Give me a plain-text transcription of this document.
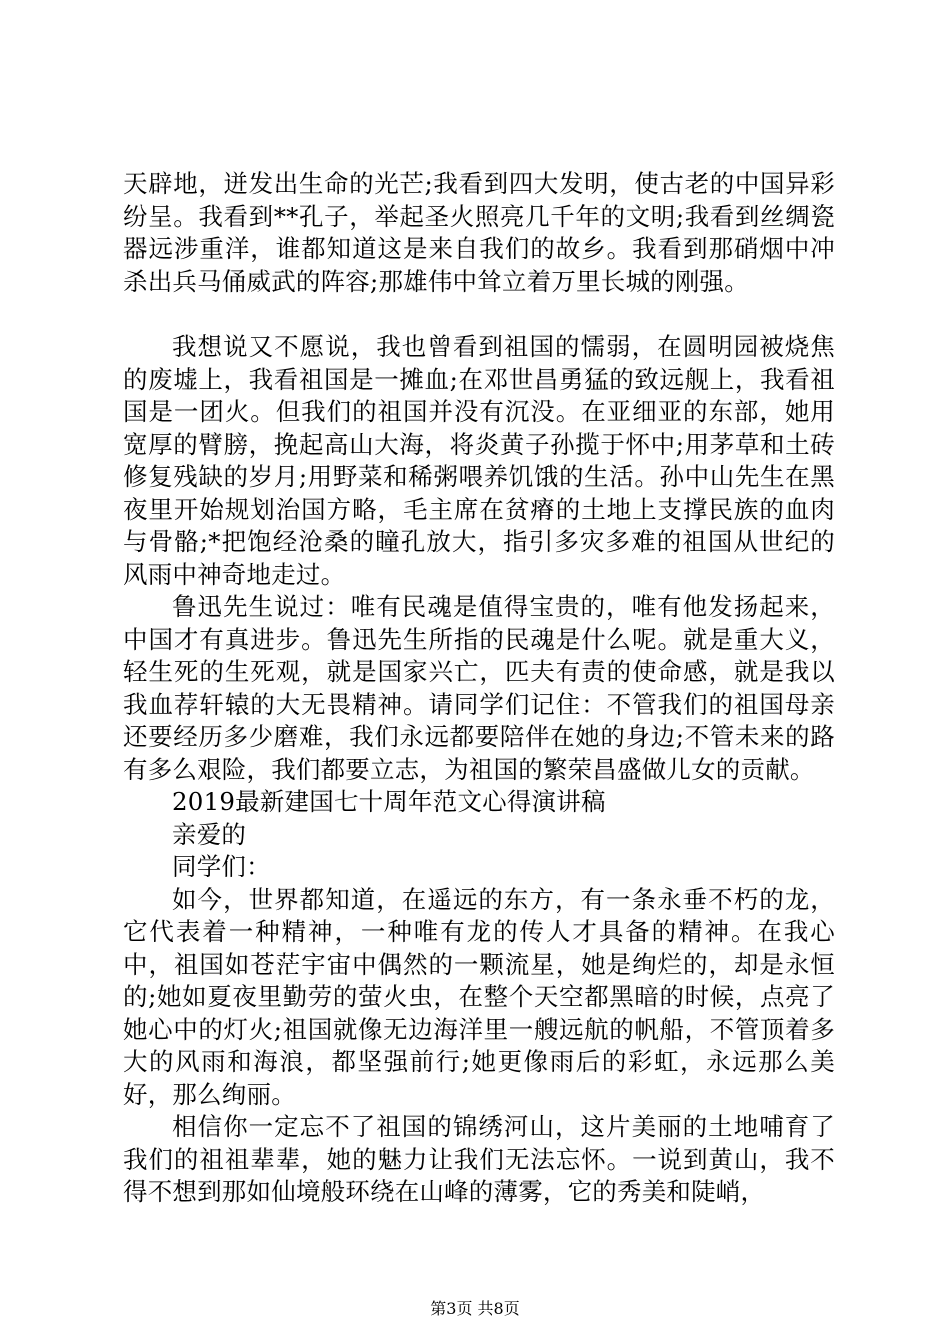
天辟地，迸发出生命的光芒;我看到四大发明，使古老的中国异彩纷呈。我看到**孔子，举起圣火照亮几千年的文明;我看到丝绸瓷器远涉重洋，谁都知道这是来自我们的故乡。我看到那硝烟中冲杀出兵马俑威武的阵容;那雄伟中耸立着万里长城的刚强。

我想说又不愿说，我也曾看到祖国的懦弱，在圆明园被烧焦的废墟上，我看祖国是一摊血;在邓世昌勇猛的致远舰上，我看祖国是一团火。但我们的祖国并没有沉没。在亚细亚的东部，她用宽厚的臂膀，挽起高山大海，将炎黄子孙揽于怀中;用茅草和土砖修复残缺的岁月;用野菜和稀粥喂养饥饿的生活。孙中山先生在黑夜里开始规划治国方略，毛主席在贫瘠的土地上支撑民族的血肉与骨骼;*把饱经沧桑的瞳孔放大，指引多灾多难的祖国从世纪的风雨中神奇地走过。

鲁迅先生说过：唯有民魂是值得宝贵的，唯有他发扬起来，中国才有真进步。鲁迅先生所指的民魂是什么呢。就是重大义，轻生死的生死观，就是国家兴亡，匹夫有责的使命感，就是我以我血荐轩辕的大无畏精神。请同学们记住：不管我们的祖国母亲还要经历多少磨难，我们永远都要陪伴在她的身边;不管未来的路有多么艰险，我们都要立志，为祖国的繁荣昌盛做儿女的贡献。

2019最新建国七十周年范文心得演讲稿

亲爱的

同学们：

如今，世界都知道，在遥远的东方，有一条永垂不朽的龙，它代表着一种精神，一种唯有龙的传人才具备的精神。在我心中，祖国如苍茫宇宙中偶然的一颗流星，她是绚烂的，却是永恒的;她如夏夜里勤劳的萤火虫，在整个天空都黑暗的时候，点亮了她心中的灯火;祖国就像无边海洋里一艘远航的帆船，不管顶着多大的风雨和海浪，都坚强前行;她更像雨后的彩虹，永远那么美好，那么绚丽。

相信你一定忘不了祖国的锦绣河山，这片美丽的土地哺育了我们的祖祖辈辈，她的魅力让我们无法忘怀。一说到黄山，我不得不想到那如仙境般环绕在山峰的薄雾，它的秀美和陡峭，

第3页 共8页
